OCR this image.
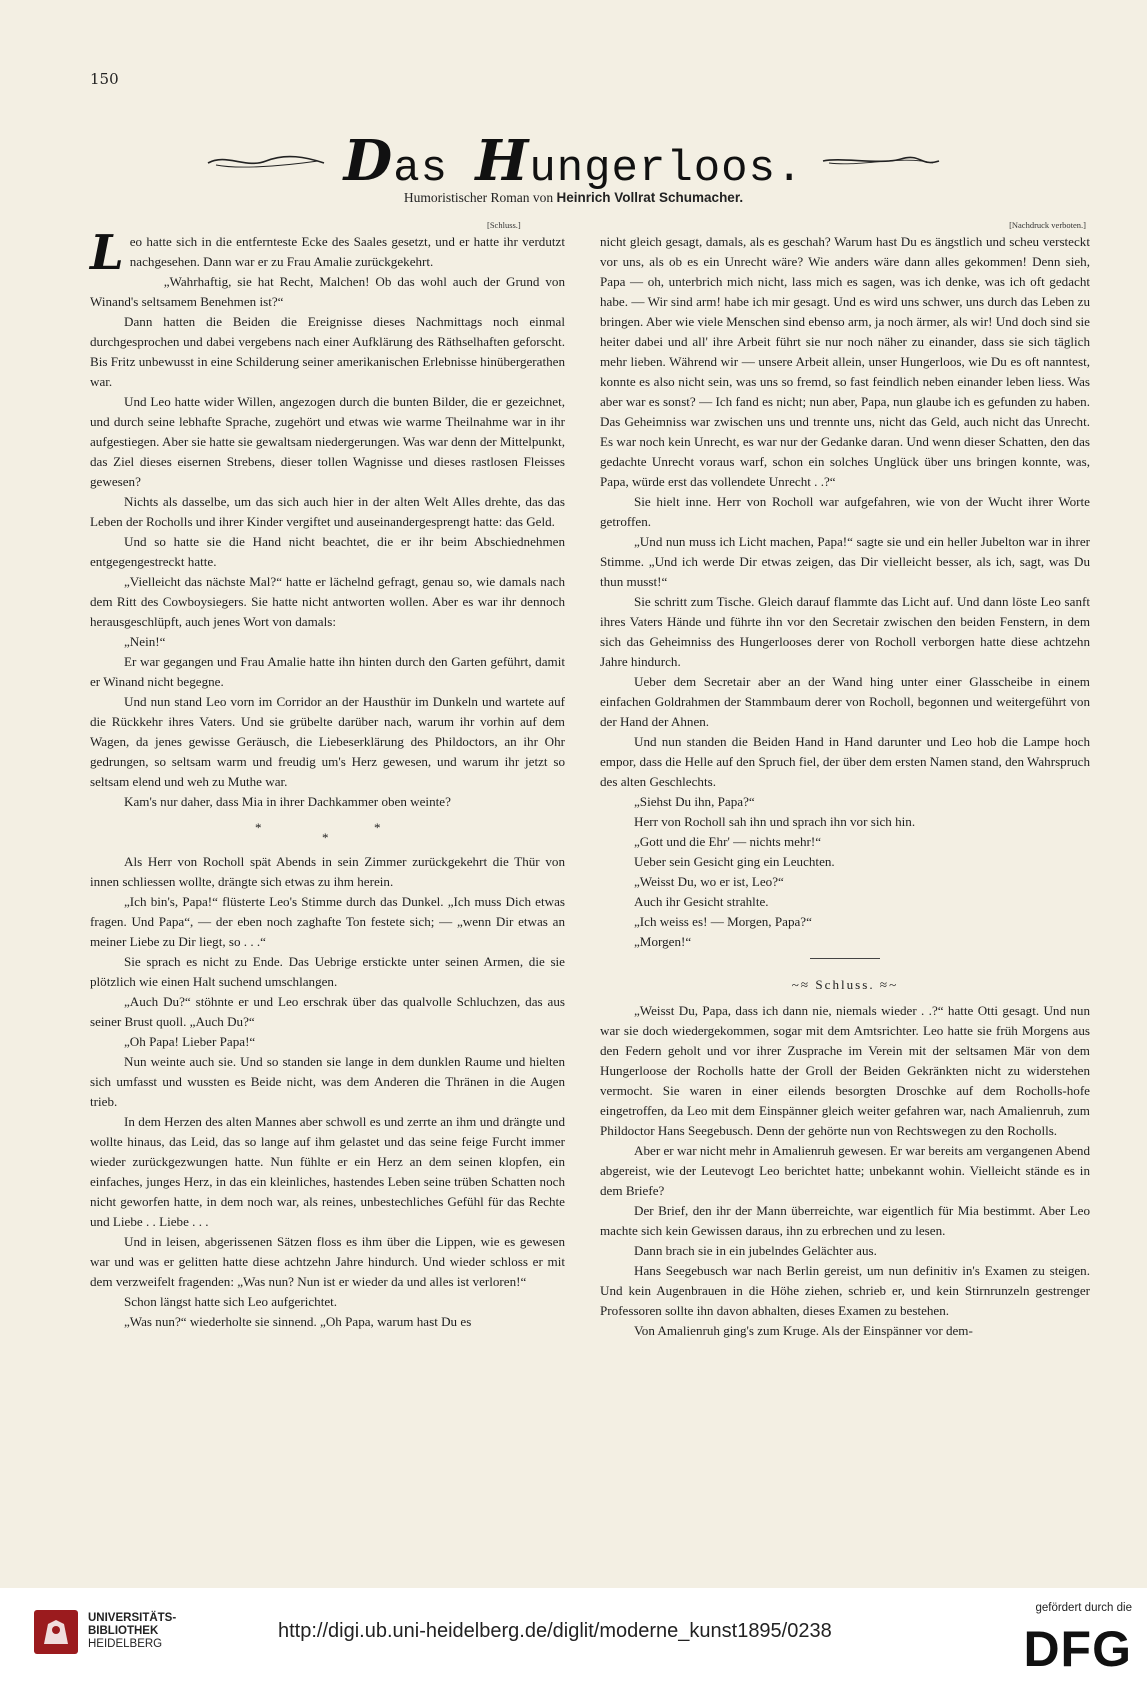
150
Das Hungerloos.
Humoristischer Roman von Heinrich Vollrat Schumacher.
[Schluss.]	[Nachdruck verboten.]

Leo hatte sich in die entfernteste Ecke des Saales gesetzt, und er hatte ihr verdutzt nachgesehen. Dann war er zu Frau Amalie zurückgekehrt.

„Wahrhaftig, sie hat Recht, Malchen! Ob das wohl auch der Grund von Winand's seltsamem Benehmen ist?“

Dann hatten die Beiden die Ereignisse dieses Nachmittags noch einmal durchgesprochen und dabei vergebens nach einer Aufklärung des Räthselhaften geforscht. Bis Fritz unbewusst in eine Schilderung seiner amerikanischen Erlebnisse hinübergerathen war.

Und Leo hatte wider Willen, angezogen durch die bunten Bilder, die er gezeichnet, und durch seine lebhafte Sprache, zugehört und etwas wie warme Theilnahme war in ihr aufgestiegen. Aber sie hatte sie gewaltsam niedergerungen. Was war denn der Mittelpunkt, das Ziel dieses eisernen Strebens, dieser tollen Wagnisse und dieses rastlosen Fleisses gewesen?

Nichts als dasselbe, um das sich auch hier in der alten Welt Alles drehte, das das Leben der Rocholls und ihrer Kinder vergiftet und auseinandergesprengt hatte: das Geld.

Und so hatte sie die Hand nicht beachtet, die er ihr beim Abschiednehmen entgegengestreckt hatte.

„Vielleicht das nächste Mal?“ hatte er lächelnd gefragt, genau so, wie damals nach dem Ritt des Cowboysiegers. Sie hatte nicht antworten wollen. Aber es war ihr dennoch herausgeschlüpft, auch jenes Wort von damals:

„Nein!“

Er war gegangen und Frau Amalie hatte ihn hinten durch den Garten geführt, damit er Winand nicht begegne.

Und nun stand Leo vorn im Corridor an der Hausthür im Dunkeln und wartete auf die Rückkehr ihres Vaters. Und sie grübelte darüber nach, warum ihr vorhin auf dem Wagen, da jenes gewisse Geräusch, die Liebeserklärung des Phildoctors, an ihr Ohr gedrungen, so seltsam warm und freudig um's Herz gewesen, und warum ihr jetzt so seltsam elend und weh zu Muthe war.

Kam's nur daher, dass Mia in ihrer Dachkammer oben weinte?

*
*
*

Als Herr von Rocholl spät Abends in sein Zimmer zurückgekehrt die Thür von innen schliessen wollte, drängte sich etwas zu ihm herein.

„Ich bin's, Papa!“ flüsterte Leo's Stimme durch das Dunkel. „Ich muss Dich etwas fragen. Und Papa“, — der eben noch zaghafte Ton festete sich; — „wenn Dir etwas an meiner Liebe zu Dir liegt, so . . .“

Sie sprach es nicht zu Ende. Das Uebrige erstickte unter seinen Armen, die sie plötzlich wie einen Halt suchend umschlangen.

„Auch Du?“ stöhnte er und Leo erschrak über das qualvolle Schluchzen, das aus seiner Brust quoll. „Auch Du?“

„Oh Papa! Lieber Papa!“

Nun weinte auch sie. Und so standen sie lange in dem dunklen Raume und hielten sich umfasst und wussten es Beide nicht, was dem Anderen die Thränen in die Augen trieb.

In dem Herzen des alten Mannes aber schwoll es und zerrte an ihm und drängte und wollte hinaus, das Leid, das so lange auf ihm gelastet und das seine feige Furcht immer wieder zurückgezwungen hatte. Nun fühlte er ein Herz an dem seinen klopfen, ein einfaches, junges Herz, in das ein kleinliches, hastendes Leben seine trüben Schatten noch nicht geworfen hatte, in dem noch war, als reines, unbestechliches Gefühl für das Rechte und Liebe . . Liebe . . .

Und in leisen, abgerissenen Sätzen floss es ihm über die Lippen, wie es gewesen war und was er gelitten hatte diese achtzehn Jahre hindurch. Und wieder schloss er mit dem verzweifelt fragenden: „Was nun? Nun ist er wieder da und alles ist verloren!“

Schon längst hatte sich Leo aufgerichtet.

„Was nun?“ wiederholte sie sinnend. „Oh Papa, warum hast Du es

nicht gleich gesagt, damals, als es geschah? Warum hast Du es ängstlich und scheu versteckt vor uns, als ob es ein Unrecht wäre? Wie anders wäre dann alles gekommen! Denn sieh, Papa — oh, unterbrich mich nicht, lass mich es sagen, was ich denke, was ich oft gedacht habe. — Wir sind arm! habe ich mir gesagt. Und es wird uns schwer, uns durch das Leben zu bringen. Aber wie viele Menschen sind ebenso arm, ja noch ärmer, als wir! Und doch sind sie heiter dabei und all' ihre Arbeit führt sie nur noch näher zu einander, dass sie sich täglich mehr lieben. Während wir — unsere Arbeit allein, unser Hungerloos, wie Du es oft nanntest, konnte es also nicht sein, was uns so fremd, so fast feindlich neben einander leben liess. Was aber war es sonst? — Ich fand es nicht; nun aber, Papa, nun glaube ich es gefunden zu haben. Das Geheimniss war zwischen uns und trennte uns, nicht das Geld, auch nicht das Unrecht. Es war noch kein Unrecht, es war nur der Gedanke daran. Und wenn dieser Schatten, den das gedachte Unrecht voraus warf, schon ein solches Unglück über uns bringen konnte, was, Papa, würde erst das vollendete Unrecht . .?“

Sie hielt inne. Herr von Rocholl war aufgefahren, wie von der Wucht ihrer Worte getroffen.

„Und nun muss ich Licht machen, Papa!“ sagte sie und ein heller Jubelton war in ihrer Stimme. „Und ich werde Dir etwas zeigen, das Dir vielleicht besser, als ich, sagt, was Du thun musst!“

Sie schritt zum Tische. Gleich darauf flammte das Licht auf. Und dann löste Leo sanft ihres Vaters Hände und führte ihn vor den Secretair zwischen den beiden Fenstern, in dem sich das Geheimniss des Hungerlooses derer von Rocholl verborgen hatte diese achtzehn Jahre hindurch.

Ueber dem Secretair aber an der Wand hing unter einer Glasscheibe in einem einfachen Goldrahmen der Stammbaum derer von Rocholl, begonnen und weitergeführt von der Hand der Ahnen.

Und nun standen die Beiden Hand in Hand darunter und Leo hob die Lampe hoch empor, dass die Helle auf den Spruch fiel, der über dem ersten Namen stand, den Wahrspruch des alten Geschlechts.

„Siehst Du ihn, Papa?“

Herr von Rocholl sah ihn und sprach ihn vor sich hin.

„Gott und die Ehr' — nichts mehr!“

Ueber sein Gesicht ging ein Leuchten.

„Weisst Du, wo er ist, Leo?“

Auch ihr Gesicht strahlte.

„Ich weiss es! — Morgen, Papa?“

„Morgen!“

~≈ Schluss. ≈~

„Weisst Du, Papa, dass ich dann nie, niemals wieder . .?“ hatte Otti gesagt. Und nun war sie doch wiedergekommen, sogar mit dem Amtsrichter. Leo hatte sie früh Morgens aus den Federn geholt und vor ihrer Zusprache im Verein mit der seltsamen Mär von dem Hungerloose der Rocholls hatte der Groll der Beiden Gekränkten nicht zu widerstehen vermocht. Sie waren in einer eilends besorgten Droschke auf dem Rocholls-hofe eingetroffen, da Leo mit dem Einspänner gleich weiter gefahren war, nach Amalienruh, zum Phildoctor Hans Seegebusch. Denn der gehörte nun von Rechtswegen zu den Rocholls.

Aber er war nicht mehr in Amalienruh gewesen. Er war bereits am vergangenen Abend abgereist, wie der Leutevogt Leo berichtet hatte; unbekannt wohin. Vielleicht stände es in dem Briefe?

Der Brief, den ihr der Mann überreichte, war eigentlich für Mia bestimmt. Aber Leo machte sich kein Gewissen daraus, ihn zu erbrechen und zu lesen.

Dann brach sie in ein jubelndes Gelächter aus.

Hans Seegebusch war nach Berlin gereist, um nun definitiv in's Examen zu steigen. Und kein Augenbrauen in die Höhe ziehen, schrieb er, und kein Stirnrunzeln gestrenger Professoren sollte ihn davon abhalten, dieses Examen zu bestehen.

Von Amalienruh ging's zum Kruge. Als der Einspänner vor dem-

UNIVERSITÄTS-
BIBLIOTHEK
HEIDELBERG
http://digi.ub.uni-heidelberg.de/diglit/moderne_kunst1895/0238
gefördert durch die
DFG
